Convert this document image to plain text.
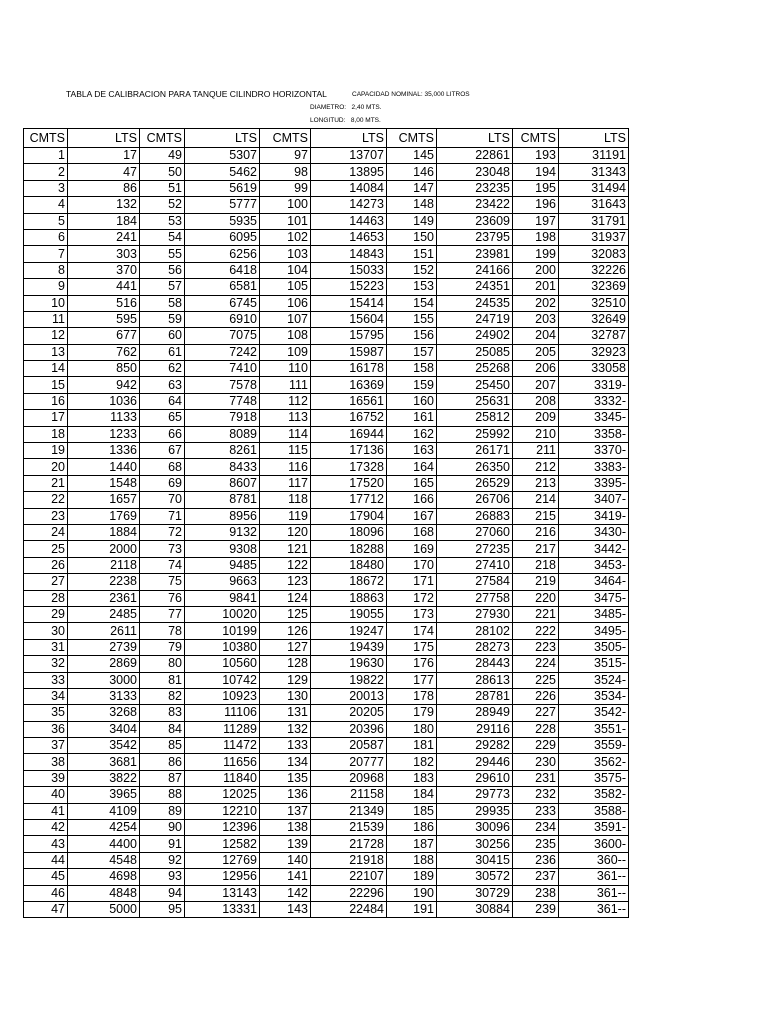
TABLA DE CALIBRACION PARA TANQUE CILINDRO HORIZONTAL	CAPACIDAD NOMINAL: 35,000 LITROS
DIAMETRO: 2,40 MTS.
LONGITUD: 8,00 MTS.
CMTS	LTS	CMTS	LTS	CMTS	LTS	CMTS	LTS	CMTS	LTS
1	17	49	5307	97	13707	145	22861	193	31191
2	47	50	5462	98	13895	146	23048	194	31343
3	86	51	5619	99	14084	147	23235	195	31494
4	132	52	5777	100	14273	148	23422	196	31643
5	184	53	5935	101	14463	149	23609	197	31791
6	241	54	6095	102	14653	150	23795	198	31937
7	303	55	6256	103	14843	151	23981	199	32083
8	370	56	6418	104	15033	152	24166	200	32226
9	441	57	6581	105	15223	153	24351	201	32369
10	516	58	6745	106	15414	154	24535	202	32510
11	595	59	6910	107	15604	155	24719	203	32649
12	677	60	7075	108	15795	156	24902	204	32787
13	762	61	7242	109	15987	157	25085	205	32923
14	850	62	7410	110	16178	158	25268	206	33058
15	942	63	7578	111	16369	159	25450	207	3319-
16	1036	64	7748	112	16561	160	25631	208	3332-
17	1133	65	7918	113	16752	161	25812	209	3345-
18	1233	66	8089	114	16944	162	25992	210	3358-
19	1336	67	8261	115	17136	163	26171	211	3370-
20	1440	68	8433	116	17328	164	26350	212	3383-
21	1548	69	8607	117	17520	165	26529	213	3395-
22	1657	70	8781	118	17712	166	26706	214	3407-
23	1769	71	8956	119	17904	167	26883	215	3419-
24	1884	72	9132	120	18096	168	27060	216	3430-
25	2000	73	9308	121	18288	169	27235	217	3442-
26	2118	74	9485	122	18480	170	27410	218	3453-
27	2238	75	9663	123	18672	171	27584	219	3464-
28	2361	76	9841	124	18863	172	27758	220	3475-
29	2485	77	10020	125	19055	173	27930	221	3485-
30	2611	78	10199	126	19247	174	28102	222	3495-
31	2739	79	10380	127	19439	175	28273	223	3505-
32	2869	80	10560	128	19630	176	28443	224	3515-
33	3000	81	10742	129	19822	177	28613	225	3524-
34	3133	82	10923	130	20013	178	28781	226	3534-
35	3268	83	11106	131	20205	179	28949	227	3542-
36	3404	84	11289	132	20396	180	29116	228	3551-
37	3542	85	11472	133	20587	181	29282	229	3559-
38	3681	86	11656	134	20777	182	29446	230	3562-
39	3822	87	11840	135	20968	183	29610	231	3575-
40	3965	88	12025	136	21158	184	29773	232	3582-
41	4109	89	12210	137	21349	185	29935	233	3588-
42	4254	90	12396	138	21539	186	30096	234	3591-
43	4400	91	12582	139	21728	187	30256	235	3600-
44	4548	92	12769	140	21918	188	30415	236	360--
45	4698	93	12956	141	22107	189	30572	237	361--
46	4848	94	13143	142	22296	190	30729	238	361--
47	5000	95	13331	143	22484	191	30884	239	361--
